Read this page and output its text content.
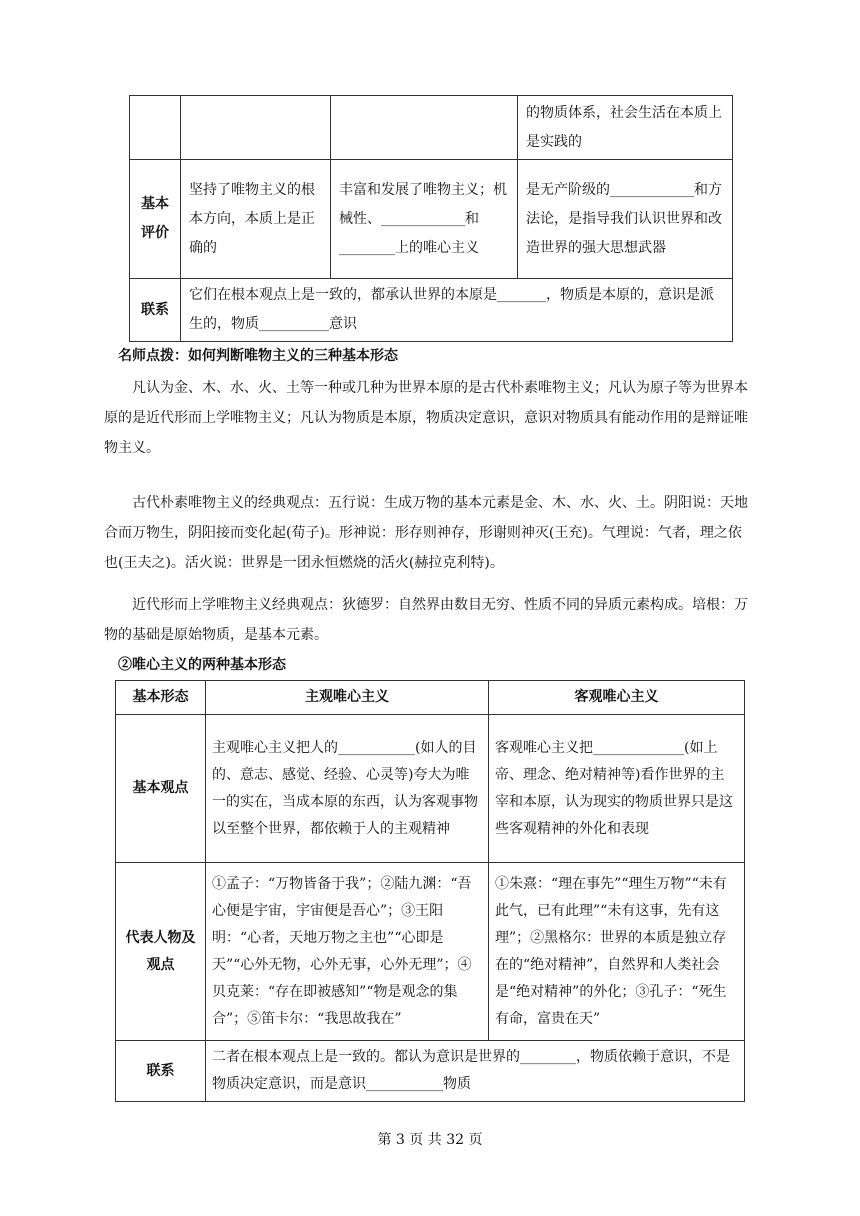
			的物质体系，社会生活在本质上是实践的
基本评价	坚持了唯物主义的根本方向，本质上是正确的	丰富和发展了唯物主义；机械性、____________和________上的唯心主义	是无产阶级的____________和方法论，是指导我们认识世界和改造世界的强大思想武器
联系	它们在根本观点上是一致的，都承认世界的本原是_______，物质是本原的，意识是派生的，物质__________意识		

名师点拨：如何判断唯物主义的三种基本形态

凡认为金、木、水、火、土等一种或几种为世界本原的是古代朴素唯物主义；凡认为原子等为世界本原的是近代形而上学唯物主义；凡认为物质是本原，物质决定意识，意识对物质具有能动作用的是辩证唯物主义。

古代朴素唯物主义的经典观点：五行说：生成万物的基本元素是金、木、水、火、土。阴阳说：天地合而万物生，阴阳接而变化起(荀子)。形神说：形存则神存，形谢则神灭(王充)。气理说：气者，理之依也(王夫之)。活火说：世界是一团永恒燃烧的活火(赫拉克利特)。

近代形而上学唯物主义经典观点：狄德罗：自然界由数目无穷、性质不同的异质元素构成。培根：万物的基础是原始物质，是基本元素。

②唯心主义的两种基本形态

基本形态	主观唯心主义	客观唯心主义
基本观点	主观唯心主义把人的___________(如人的目的、意志、感觉、经验、心灵等)夸大为唯一的实在，当成本原的东西，认为客观事物以至整个世界，都依赖于人的主观精神	客观唯心主义把_____________(如上帝、理念、绝对精神等)看作世界的主宰和本原，认为现实的物质世界只是这些客观精神的外化和表现
代表人物及观点	①孟子：“万物皆备于我”；②陆九渊：“吾心便是宇宙，宇宙便是吾心”；③王阳明：“心者，天地万物之主也”“心即是天”“心外无物，心外无事，心外无理”；④贝克莱：“存在即被感知”“物是观念的集合”；⑤笛卡尔：“我思故我在”	①朱熹：“理在事先”“理生万物”“未有此气，已有此理”“未有这事，先有这理”；②黑格尔：世界的本质是独立存在的“绝对精神”，自然界和人类社会是“绝对精神”的外化；③孔子：“死生有命，富贵在天”
联系	二者在根本观点上是一致的。都认为意识是世界的________，物质依赖于意识，不是物质决定意识，而是意识___________物质	
第 3 页 共 32 页
